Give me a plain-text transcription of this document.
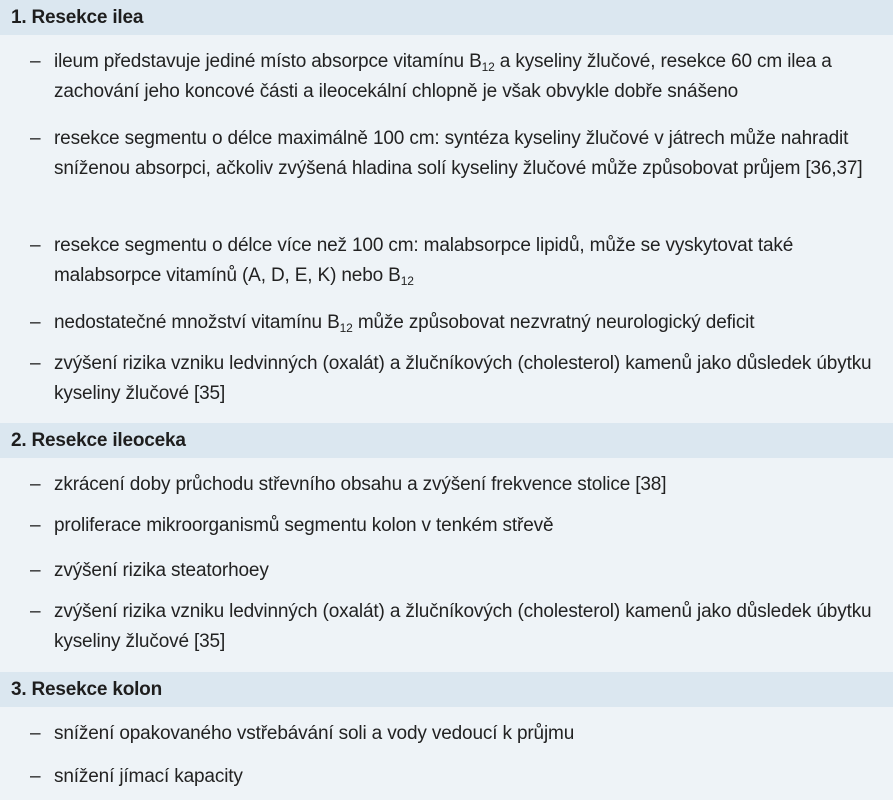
1. Resekce ilea
– ileum představuje jediné místo absorpce vitamínu $B_{12}$ a kyseliny žlučové, resekce 60 cm ilea a zachování jeho koncové části a ileocekální chlopně je však obvykle dobře snášeno
– resekce segmentu o délce maximálně 100 cm: syntéza kyseliny žlučové v játrech může nahradit sníženou absorpci, ačkoliv zvýšená hladina solí kyseliny žlučové může způsobovat průjem [36,37]
– resekce segmentu o délce více než 100 cm: malabsorpce lipidů, může se vyskytovat také malabsorpce vitamínů (A, D, E, K) nebo $B_{12}$
– nedostatečné množství vitamínu $B_{12}$ může způsobovat nezvratný neurologický deficit
– zvýšení rizika vzniku ledvinných (oxalát) a žlučníkových (cholesterol) kamenů jako důsledek úbytku kyseliny žlučové [35]
2. Resekce ileoceka
– zkrácení doby průchodu střevního obsahu a zvýšení frekvence stolice [38]
– proliferace mikroorganismů segmentu kolon v tenkém střevě
– zvýšení rizika steatorhoey
– zvýšení rizika vzniku ledvinných (oxalát) a žlučníkových (cholesterol) kamenů jako důsledek úbytku kyseliny žlučové [35]
3. Resekce kolon
– snížení opakovaného vstřebávání soli a vody vedoucí k průjmu
– snížení jímací kapacity
